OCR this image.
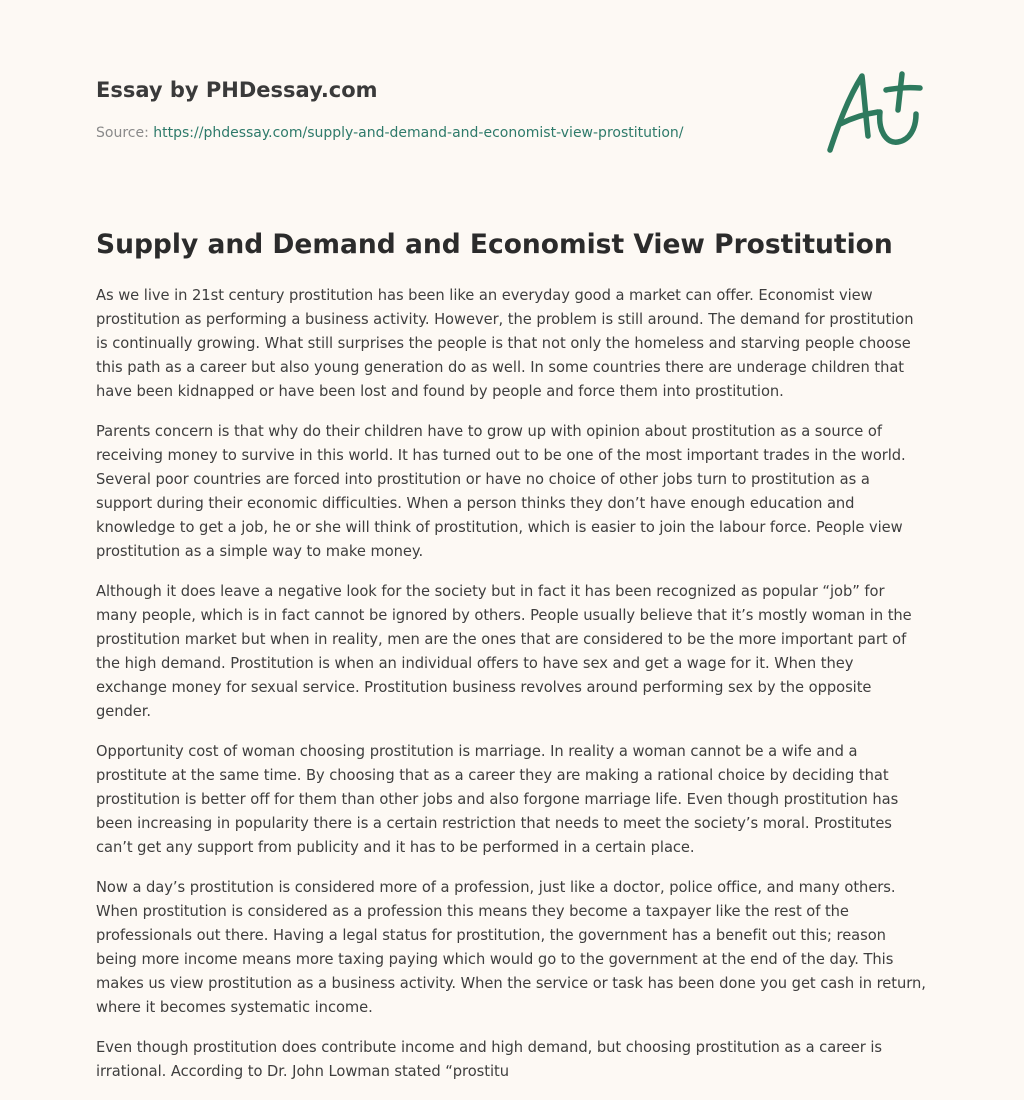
Essay by PHDessay.com
Source: https://phdessay.com/supply-and-demand-and-economist-view-prostitution/
Supply and Demand and Economist View Prostitution

As we live in 21st century prostitution has been like an everyday good a market can offer. Economist view prostitution as performing a business activity. However, the problem is still around. The demand for prostitution is continually growing. What still surprises the people is that not only the homeless and starving people choose this path as a career but also young generation do as well. In some countries there are underage children that have been kidnapped or have been lost and found by people and force them into prostitution.

Parents concern is that why do their children have to grow up with opinion about prostitution as a source of receiving money to survive in this world. It has turned out to be one of the most important trades in the world. Several poor countries are forced into prostitution or have no choice of other jobs turn to prostitution as a support during their economic difficulties. When a person thinks they don’t have enough education and knowledge to get a job, he or she will think of prostitution, which is easier to join the labour force. People view prostitution as a simple way to make money.

Although it does leave a negative look for the society but in fact it has been recognized as popular “job” for many people, which is in fact cannot be ignored by others. People usually believe that it’s mostly woman in the prostitution market but when in reality, men are the ones that are considered to be the more important part of the high demand. Prostitution is when an individual offers to have sex and get a wage for it. When they exchange money for sexual service. Prostitution business revolves around performing sex by the opposite gender.

Opportunity cost of woman choosing prostitution is marriage. In reality a woman cannot be a wife and a prostitute at the same time. By choosing that as a career they are making a rational choice by deciding that prostitution is better off for them than other jobs and also forgone marriage life. Even though prostitution has been increasing in popularity there is a certain restriction that needs to meet the society’s moral. Prostitutes can’t get any support from publicity and it has to be performed in a certain place.

Now a day’s prostitution is considered more of a profession, just like a doctor, police office, and many others. When prostitution is considered as a profession this means they become a taxpayer like the rest of the professionals out there. Having a legal status for prostitution, the government has a benefit out this; reason being more income means more taxing paying which would go to the government at the end of the day. This makes us view prostitution as a business activity. When the service or task has been done you get cash in return, where it becomes systematic income.

Even though prostitution does contribute income and high demand, but choosing prostitution as a career is irrational. According to Dr. John Lowman stated “prostitu
